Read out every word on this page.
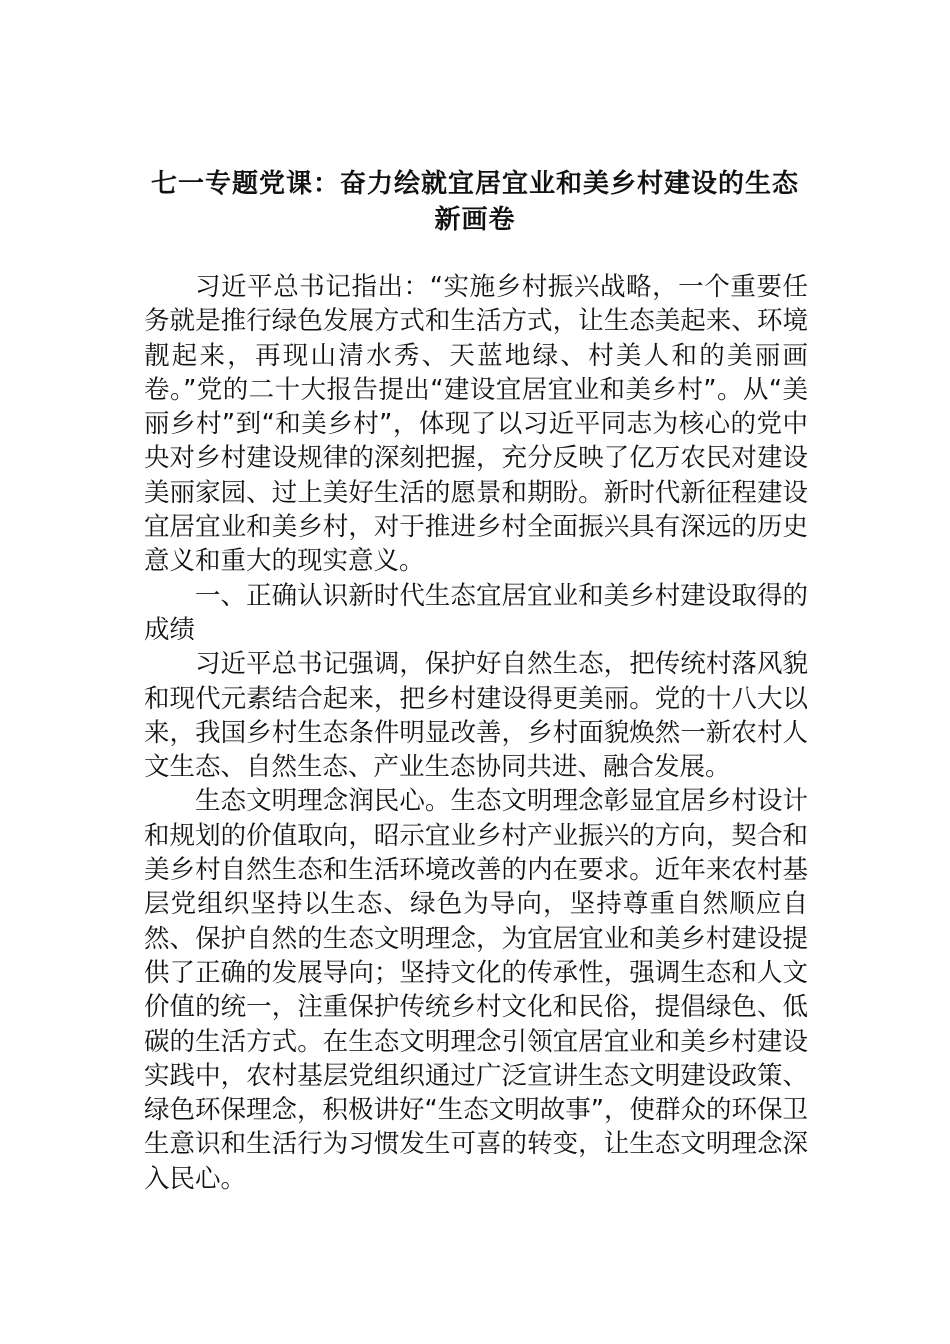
七一专题党课：奋力绘就宜居宜业和美乡村建设的生态新画卷

习近平总书记指出：“实施乡村振兴战略，一个重要任务就是推行绿色发展方式和生活方式，让生态美起来、环境靓起来，再现山清水秀、天蓝地绿、村美人和的美丽画卷。”党的二十大报告提出“建设宜居宜业和美乡村”。从“美丽乡村”到“和美乡村”，体现了以习近平同志为核心的党中央对乡村建设规律的深刻把握，充分反映了亿万农民对建设美丽家园、过上美好生活的愿景和期盼。新时代新征程建设宜居宜业和美乡村，对于推进乡村全面振兴具有深远的历史意义和重大的现实意义。

一、正确认识新时代生态宜居宜业和美乡村建设取得的成绩

习近平总书记强调，保护好自然生态，把传统村落风貌和现代元素结合起来，把乡村建设得更美丽。党的十八大以来，我国乡村生态条件明显改善，乡村面貌焕然一新农村人文生态、自然生态、产业生态协同共进、融合发展。

生态文明理念润民心。生态文明理念彰显宜居乡村设计和规划的价值取向，昭示宜业乡村产业振兴的方向，契合和美乡村自然生态和生活环境改善的内在要求。近年来农村基层党组织坚持以生态、绿色为导向，坚持尊重自然顺应自然、保护自然的生态文明理念，为宜居宜业和美乡村建设提供了正确的发展导向；坚持文化的传承性，强调生态和人文价值的统一，注重保护传统乡村文化和民俗，提倡绿色、低碳的生活方式。在生态文明理念引领宜居宜业和美乡村建设实践中，农村基层党组织通过广泛宣讲生态文明建设政策、绿色环保理念，积极讲好“生态文明故事”，使群众的环保卫生意识和生活行为习惯发生可喜的转变，让生态文明理念深入民心。
